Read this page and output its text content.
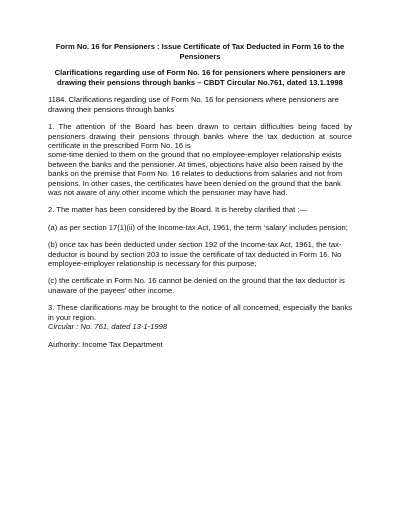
Form No. 16 for Pensioners : Issue Certificate of Tax Deducted in Form 16 to the Pensioners

Clarifications regarding use of Form No. 16 for pensioners where pensioners are drawing their pensions through banks – CBDT Circular No.761, dated 13.1.1998

1184. Clarifications regarding use of Form No. 16 for pensioners where pensioners are drawing their pensions through banks

1. The attention of the Board has been drawn to certain difficulties being faced by pensioners drawing their pensions through banks where the tax deduction at source certificate in the prescribed Form No. 16 is

some-time denied to them on the ground that no employee-employer relationship exists between the banks and the pensioner. At times, objections have also been raised by the banks on the premise that Form No. 16 relates to deductions from salaries and not from pensions. In other cases, the certificates have been denied on the ground that the bank was not aware of any other income which the pensioner may have had.

2. The matter has been considered by the Board. It is hereby clarified that :—

(a) as per section 17(1)(ii) of the Income-tax Act, 1961, the term ‘salary’ includes pension;

(b) once tax has been deducted under section 192 of the Income-tax Act, 1961, the tax-deductor is bound by section 203 to issue the certificate of tax deducted in Form 16. No employee-employer relationship is necessary for this purpose;

(c) the certificate in Form No. 16 cannot be denied on the ground that the tax deductor is unaware of the payees’ other income.

3. These clarifications may be brought to the notice of all concerned, especially the banks in your region.

Circular : No. 761, dated 13-1-1998

Authority: Income Tax Department
